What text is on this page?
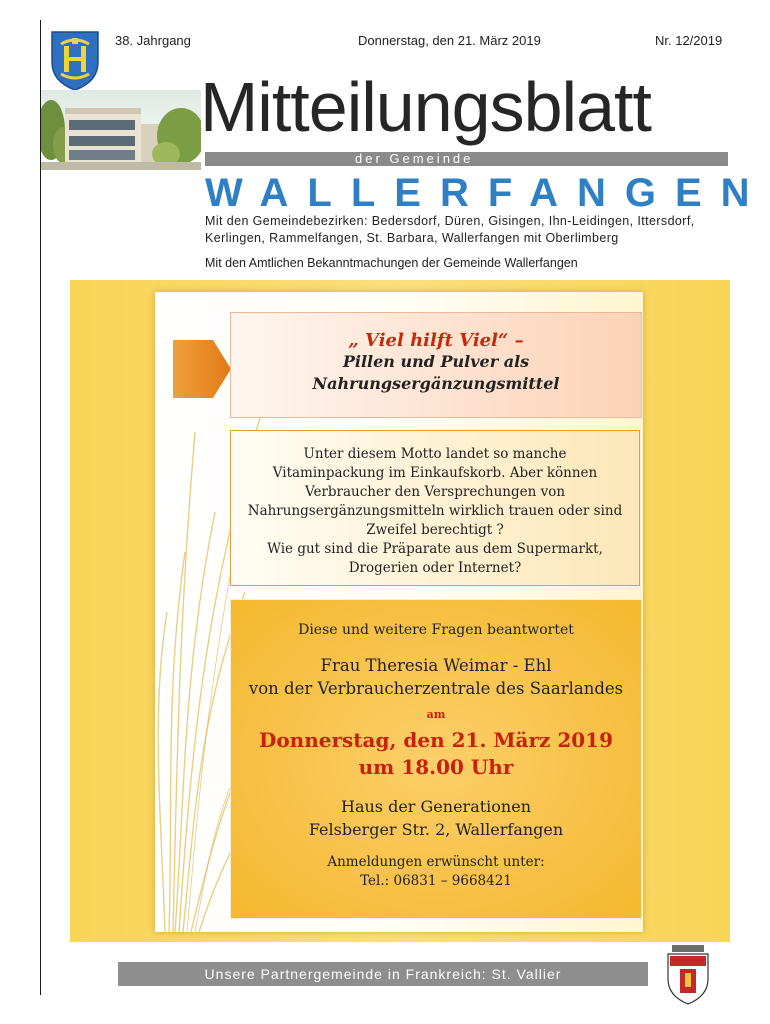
38. Jahrgang	Donnerstag, den 21. März 2019	Nr. 12/2019
Mitteilungsblatt
der Gemeinde
WALLERFANGEN
Mit den Gemeindebezirken: Bedersdorf, Düren, Gisingen, Ihn-Leidingen, Ittersdorf, Kerlingen, Rammelfangen, St. Barbara, Wallerfangen mit Oberlimberg
Mit den Amtlichen Bekanntmachungen der Gemeinde Wallerfangen
„ Viel hilft Viel“ –
Pillen und Pulver als
Nahrungsergänzungsmittel
Unter diesem Motto landet so manche
Vitaminpackung im Einkaufskorb. Aber können
Verbraucher den Versprechungen von
Nahrungsergänzungsmitteln wirklich trauen oder sind
Zweifel berechtigt ?
Wie gut sind die Präparate aus dem Supermarkt,
Drogerien oder Internet?
Diese und weitere Fragen beantwortet
Frau Theresia Weimar - Ehl
von der Verbraucherzentrale des Saarlandes
am
Donnerstag, den 21. März 2019
um 18.00 Uhr
Haus der Generationen
Felsberger Str. 2, Wallerfangen
Anmeldungen erwünscht unter:
Tel.: 06831 – 9668421
Unsere Partnergemeinde in Frankreich: St. Vallier
